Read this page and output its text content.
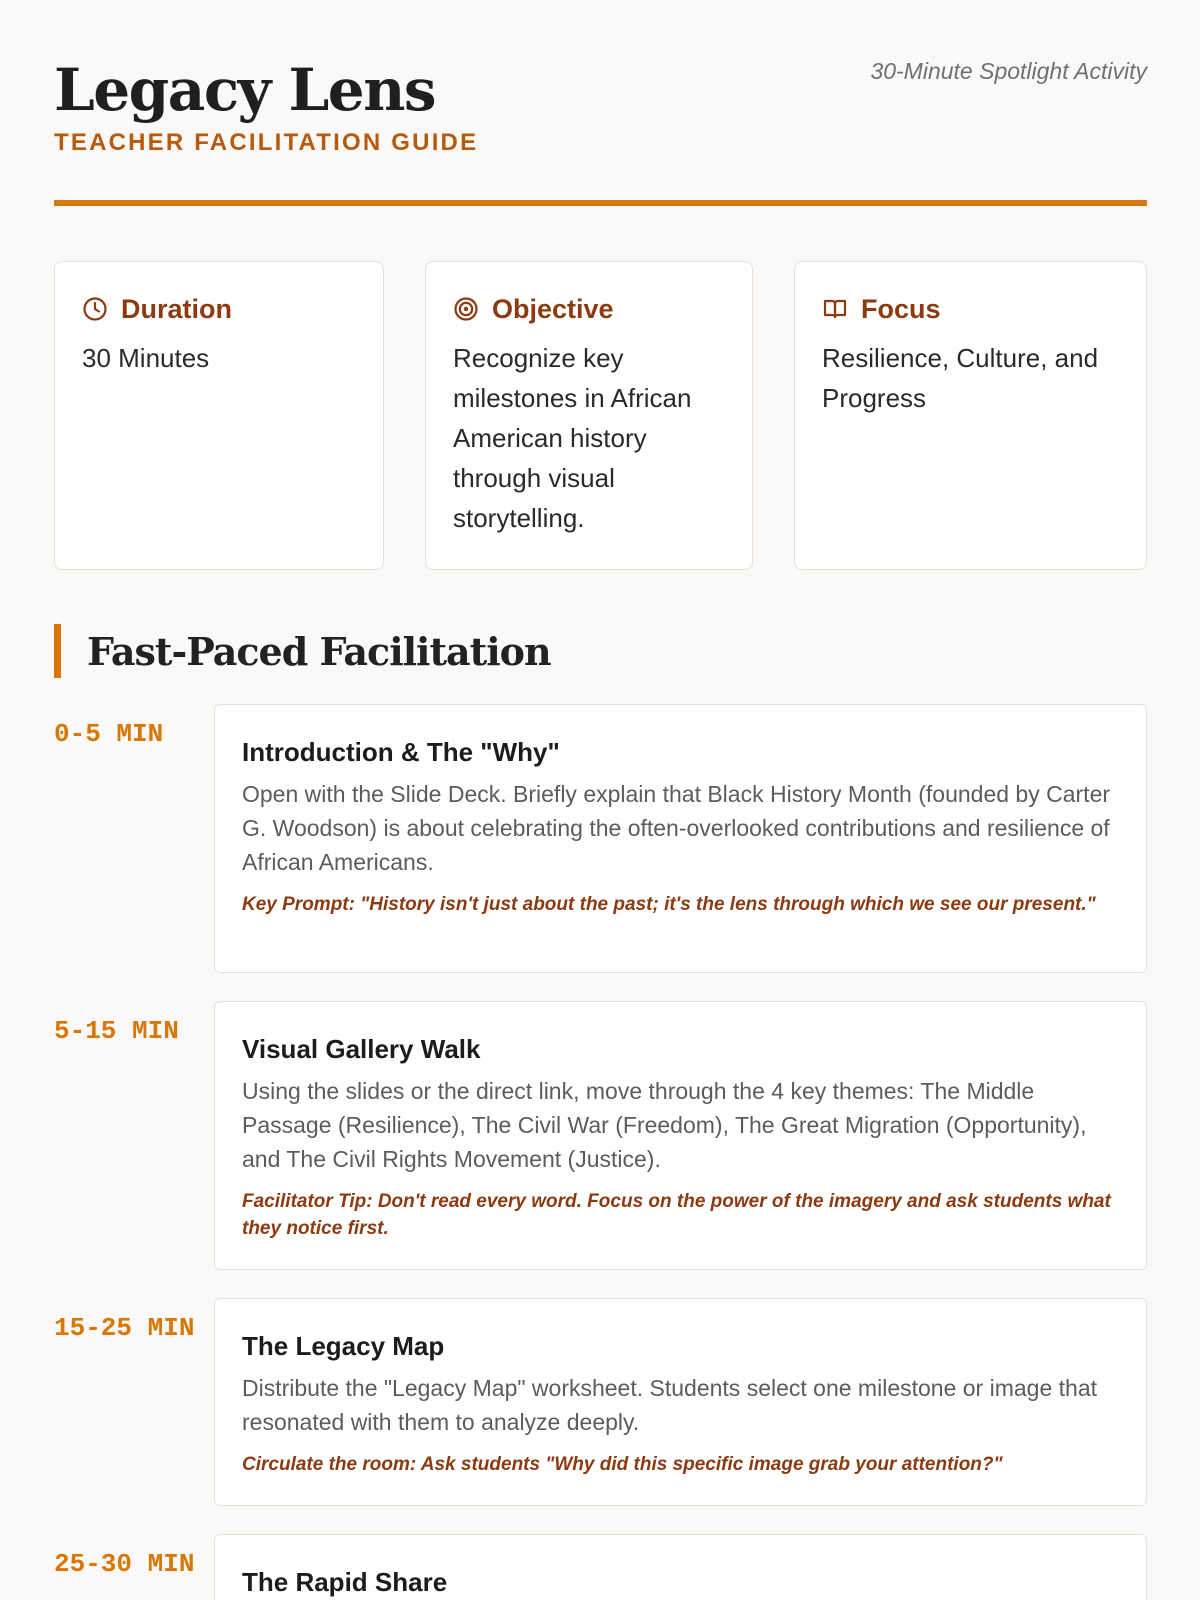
Legacy Lens
TEACHER FACILITATION GUIDE
30-Minute Spotlight Activity
Duration
30 Minutes
Objective
Recognize key milestones in African American history through visual storytelling.
Focus
Resilience, Culture, and Progress
Fast-Paced Facilitation
0-5 MIN
Introduction & The "Why"
Open with the Slide Deck. Briefly explain that Black History Month (founded by Carter G. Woodson) is about celebrating the often-overlooked contributions and resilience of African Americans.
Key Prompt: "History isn't just about the past; it's the lens through which we see our present."
5-15 MIN
Visual Gallery Walk
Using the slides or the direct link, move through the 4 key themes: The Middle Passage (Resilience), The Civil War (Freedom), The Great Migration (Opportunity), and The Civil Rights Movement (Justice).
Facilitator Tip: Don't read every word. Focus on the power of the imagery and ask students what they notice first.
15-25 MIN
The Legacy Map
Distribute the "Legacy Map" worksheet. Students select one milestone or image that resonated with them to analyze deeply.
Circulate the room: Ask students "Why did this specific image grab your attention?"
25-30 MIN
The Rapid Share
